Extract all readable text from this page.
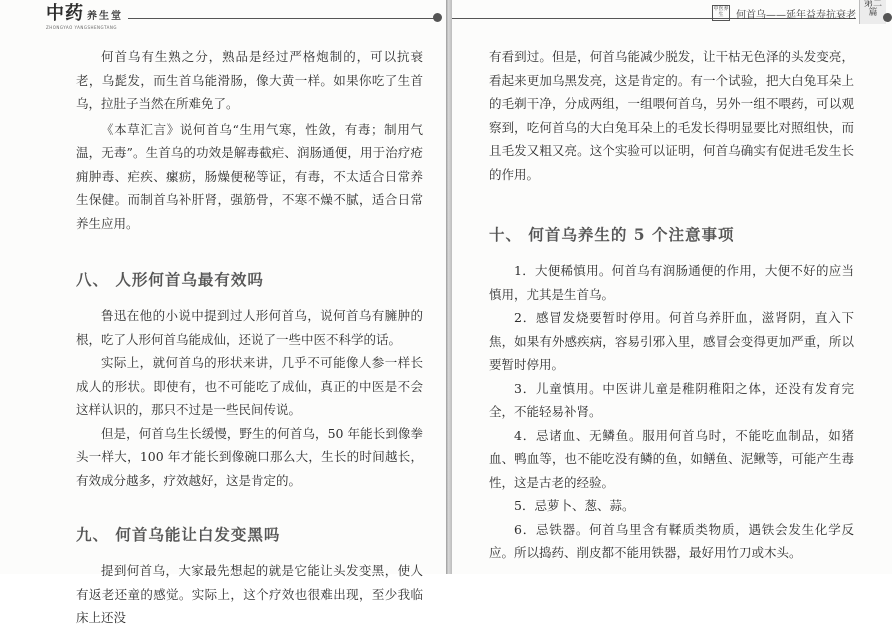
中药 养生堂
ZHONGYAO YANGSHENGTANG

何首乌有生熟之分，熟品是经过严格炮制的，可以抗衰老，乌髭发，而生首乌能滑肠，像大黄一样。如果你吃了生首乌，拉肚子当然在所难免了。

《本草汇言》说何首乌“生用气寒，性敛，有毒；制用气温，无毒”。生首乌的功效是解毒截疟、润肠通便，用于治疗疮痈肿毒、疟疾、瘰疬，肠燥便秘等证，有毒，不太适合日常养生保健。而制首乌补肝肾，强筋骨，不寒不燥不腻，适合日常养生应用。

八、 人形何首乌最有效吗

鲁迅在他的小说中提到过人形何首乌，说何首乌有臃肿的根，吃了人形何首乌能成仙，还说了一些中医不科学的话。

实际上，就何首乌的形状来讲，几乎不可能像人参一样长成人的形状。即使有，也不可能吃了成仙，真正的中医是不会这样认识的，那只不过是一些民间传说。

但是，何首乌生长缓慢，野生的何首乌，50 年能长到像拳头一样大，100 年才能长到像碗口那么大，生长的时间越长，有效成分越多，疗效越好，这是肯定的。

九、 何首乌能让白发变黑吗

提到何首乌，大家最先想起的就是它能让头发变黑，使人有返老还童的感觉。实际上，这个疗效也很难出现，至少我临床上还没

中医养生	何首乌——延年益寿抗衰老
第二篇

有看到过。但是，何首乌能减少脱发，让干枯无色泽的头发变亮，看起来更加乌黑发亮，这是肯定的。有一个试验，把大白兔耳朵上的毛剃干净，分成两组，一组喂何首乌，另外一组不喂药，可以观察到，吃何首乌的大白兔耳朵上的毛发长得明显要比对照组快，而且毛发又粗又亮。这个实验可以证明，何首乌确实有促进毛发生长的作用。

十、 何首乌养生的 5 个注意事项

1．大便稀慎用。何首乌有润肠通便的作用，大便不好的应当慎用，尤其是生首乌。

2．感冒发烧要暂时停用。何首乌养肝血，滋肾阴，直入下焦，如果有外感疾病，容易引邪入里，感冒会变得更加严重，所以要暂时停用。

3．儿童慎用。中医讲儿童是稚阴稚阳之体，还没有发育完全，不能轻易补肾。

4．忌诸血、无鳞鱼。服用何首乌时，不能吃血制品，如猪血、鸭血等，也不能吃没有鳞的鱼，如鳝鱼、泥鳅等，可能产生毒性，这是古老的经验。

5．忌萝卜、葱、蒜。

6．忌铁器。何首乌里含有鞣质类物质，遇铁会发生化学反应。所以捣药、削皮都不能用铁器，最好用竹刀或木头。
